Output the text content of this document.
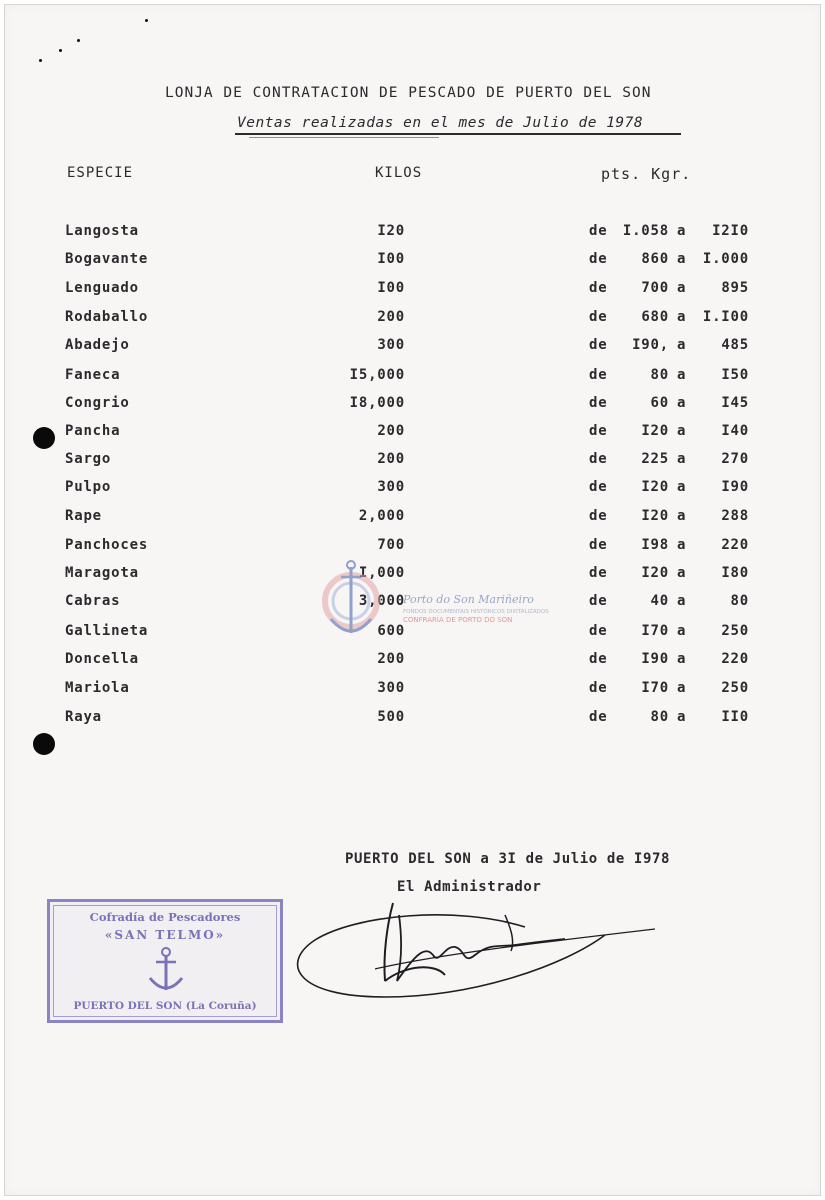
LONJA DE CONTRATACION DE PESCADO DE PUERTO DEL SON
Ventas realizadas en el mes de Julio de 1978
ESPECIE	KILOS	pts. Kgr.
Langosta	I20	de I.058 a	I2I0
Bogavante	I00	de	860 a	I.000
Lenguado	I00	de	700 a	895
Rodaballo	200	de	680 a	I.I00
Abadejo	300	de	I90, a	485
Faneca	I5,000	de	80 a	I50
Congrio	I8,000	de	60 a	I45
Pancha	200	de	I20 a	I40
Sargo	200	de	225 a	270
Pulpo	300	de	I20 a	I90
Rape	2,000	de	I20 a	288
Panchoces	700	de	I98 a	220
Maragota	I,000	de	I20 a	I80
Cabras	3,000	de	40 a	80
Gallineta	600	de	I70 a	250
Doncella	200	de	I90 a	220
Mariola	300	de	I70 a	250
Raya	500	de	80 a	II0
Porto do Son Mariñeiro
FONDOS DOCUMENTAIS HISTÓRICOS DIXITALIZADOS
CONFRARÍA DE PORTO DO SON
PUERTO DEL SON a 3I de Julio de I978
El Administrador
Cofradía de Pescadores
«SAN TELMO»
PUERTO DEL SON (La Coruña)
